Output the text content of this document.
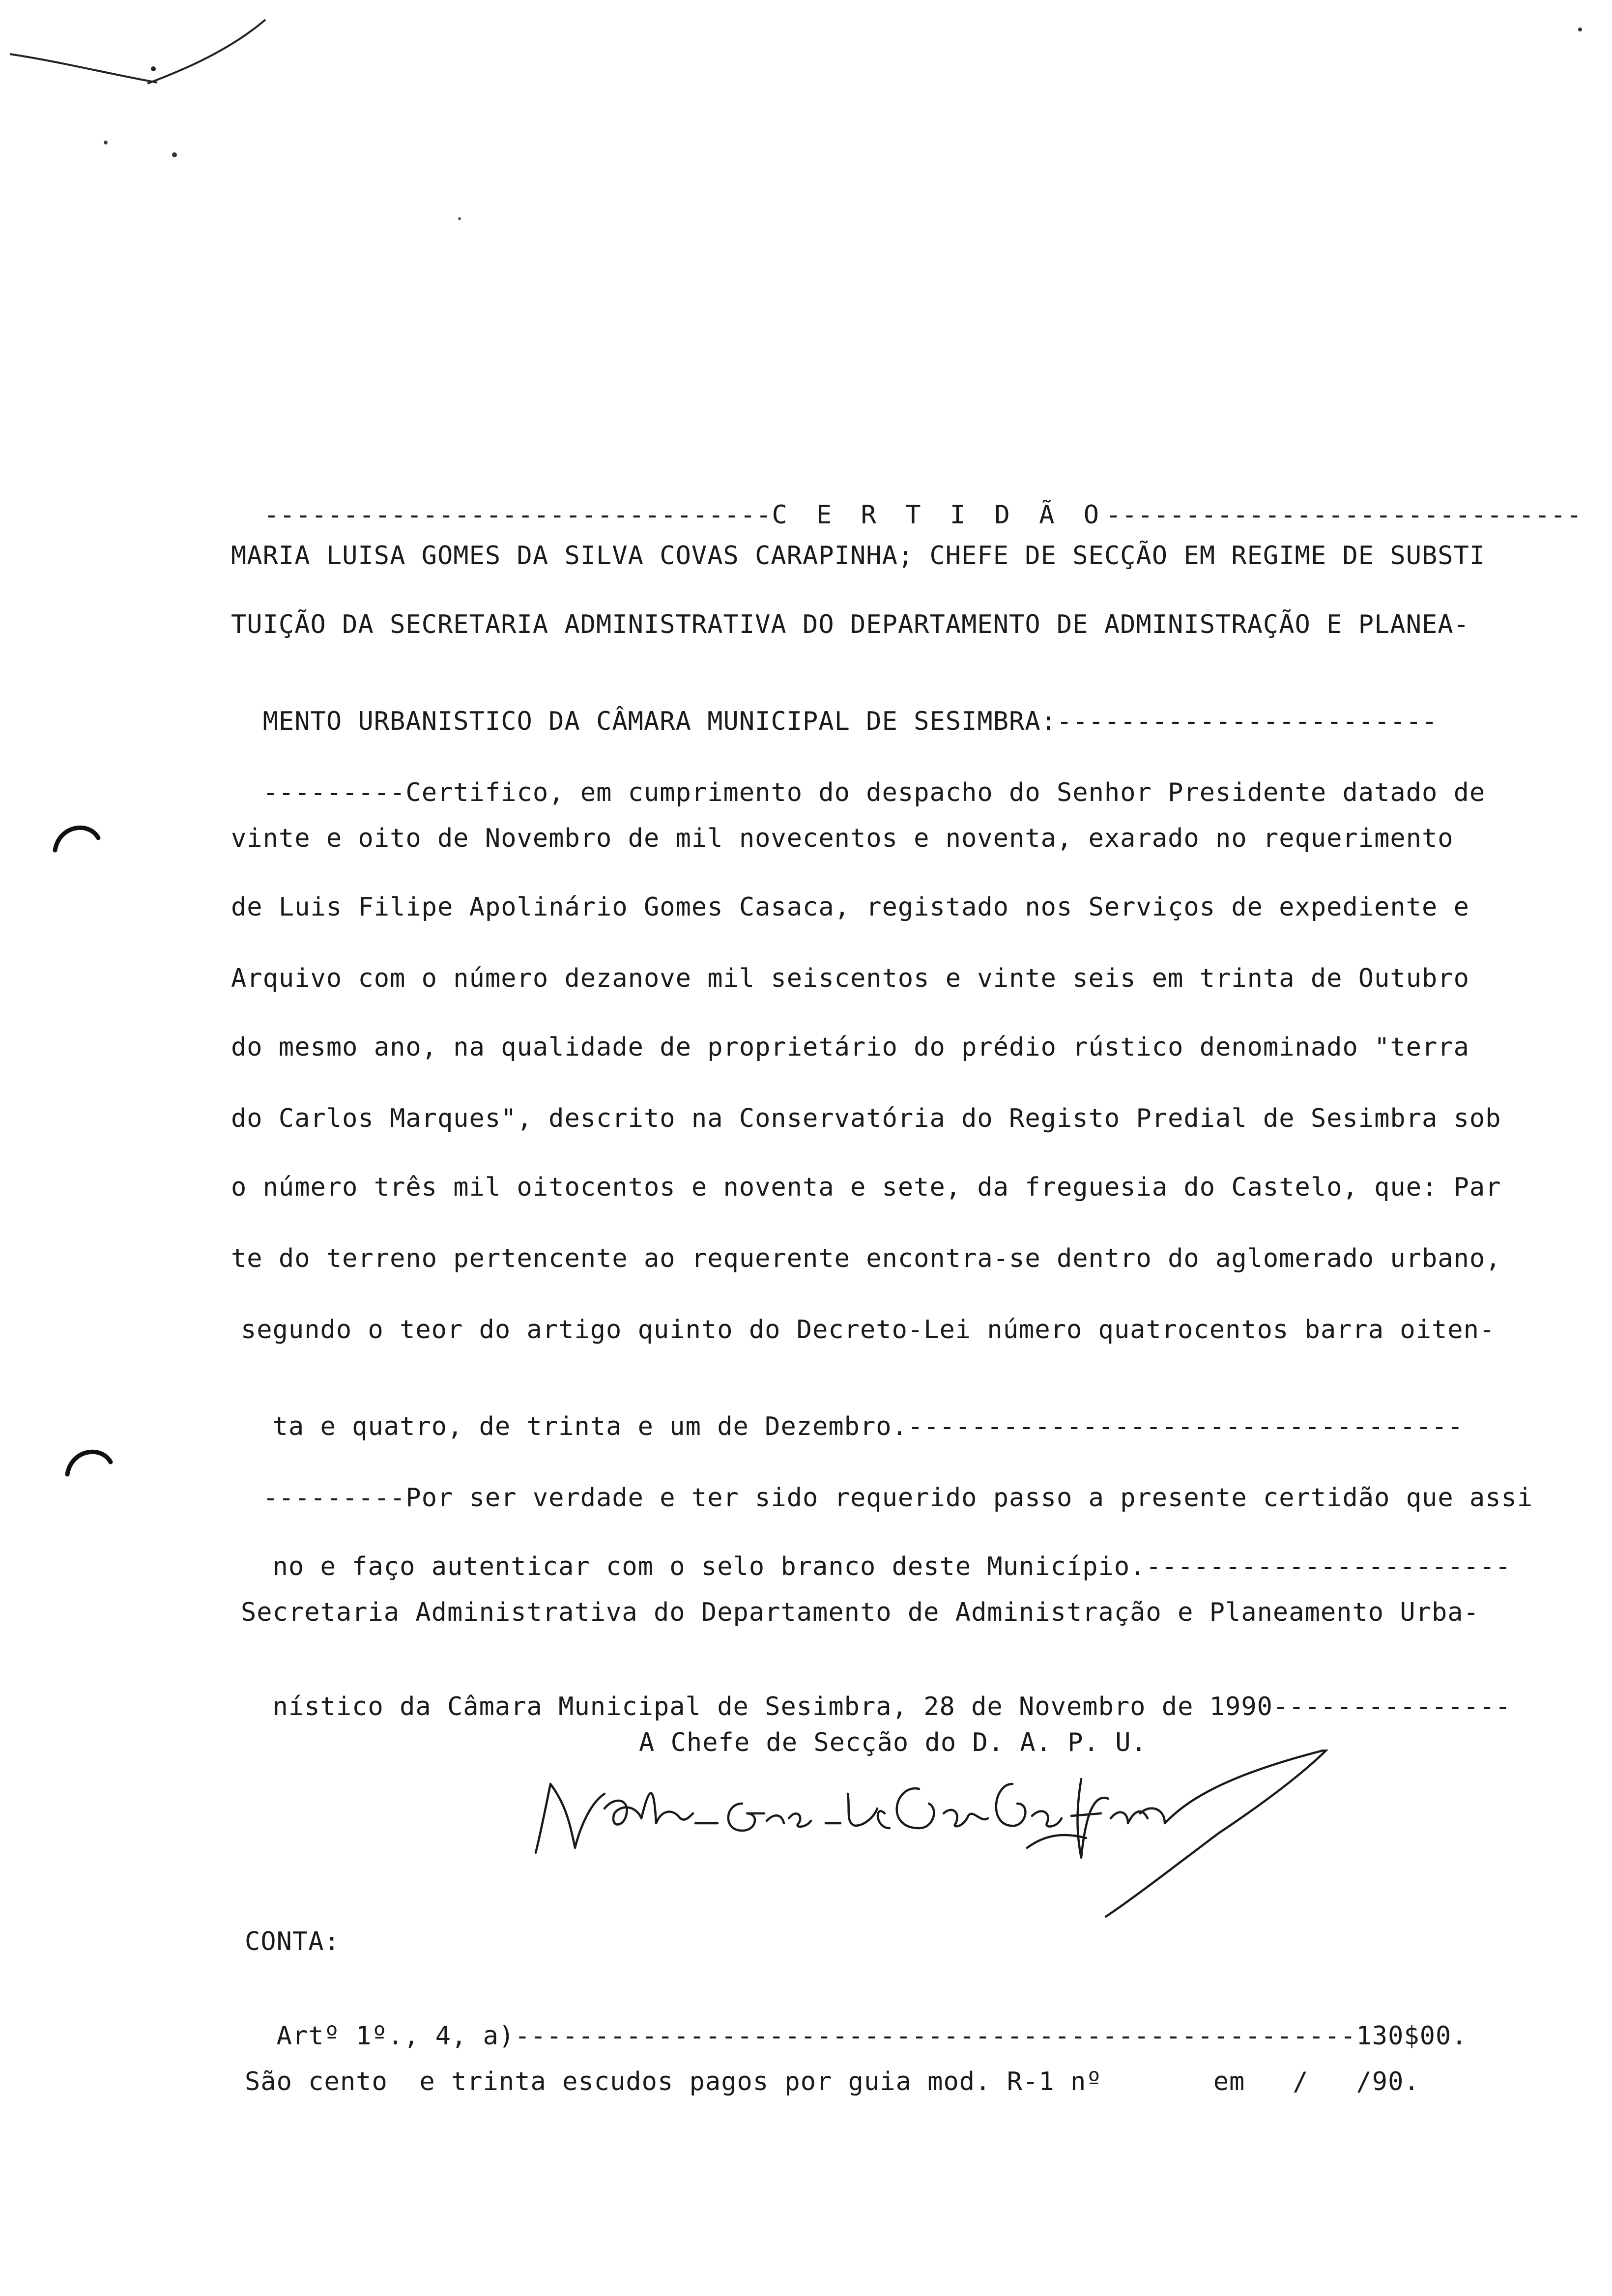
--------------------------------C E R T I D Ã O------------------------------

MARIA LUISA GOMES DA SILVA COVAS CARAPINHA; CHEFE DE SECÇÃO EM REGIME DE SUBSTI
TUIÇÃO DA SECRETARIA ADMINISTRATIVA DO DEPARTAMENTO DE ADMINISTRAÇÃO E PLANEA-

MENTO URBANISTICO DA CÂMARA MUNICIPAL DE SESIMBRA:------------------------

---------Certifico, em cumprimento do despacho do Senhor Presidente datado de

vinte e oito de Novembro de mil novecentos e noventa, exarado no requerimento
de Luis Filipe Apolinário Gomes Casaca, registado nos Serviços de expediente e
Arquivo com o número dezanove mil seiscentos e vinte seis em trinta de Outubro
do mesmo ano, na qualidade de proprietário do prédio rústico denominado "terra
do Carlos Marques", descrito na Conservatória do Registo Predial de Sesimbra sob
o número três mil oitocentos e noventa e sete, da freguesia do Castelo, que: Par
te do terreno pertencente ao requerente encontra-se dentro do aglomerado urbano,
segundo o teor do artigo quinto do Decreto-Lei número quatrocentos barra oiten-

ta e quatro, de trinta e um de Dezembro.-----------------------------------

---------Por ser verdade e ter sido requerido passo a presente certidão que assi

no e faço autenticar com o selo branco deste Município.-----------------------

Secretaria Administrativa do Departamento de Administração e Planeamento Urba-

nístico da Câmara Municipal de Sesimbra, 28 de Novembro de 1990---------------

A Chefe de Secção do D. A. P. U.
CONTA:

Artº 1º., 4, a)-----------------------------------------------------130$00.

São cento  e trinta escudos pagos por guia mod. R-1 nº       em   /   /90.
